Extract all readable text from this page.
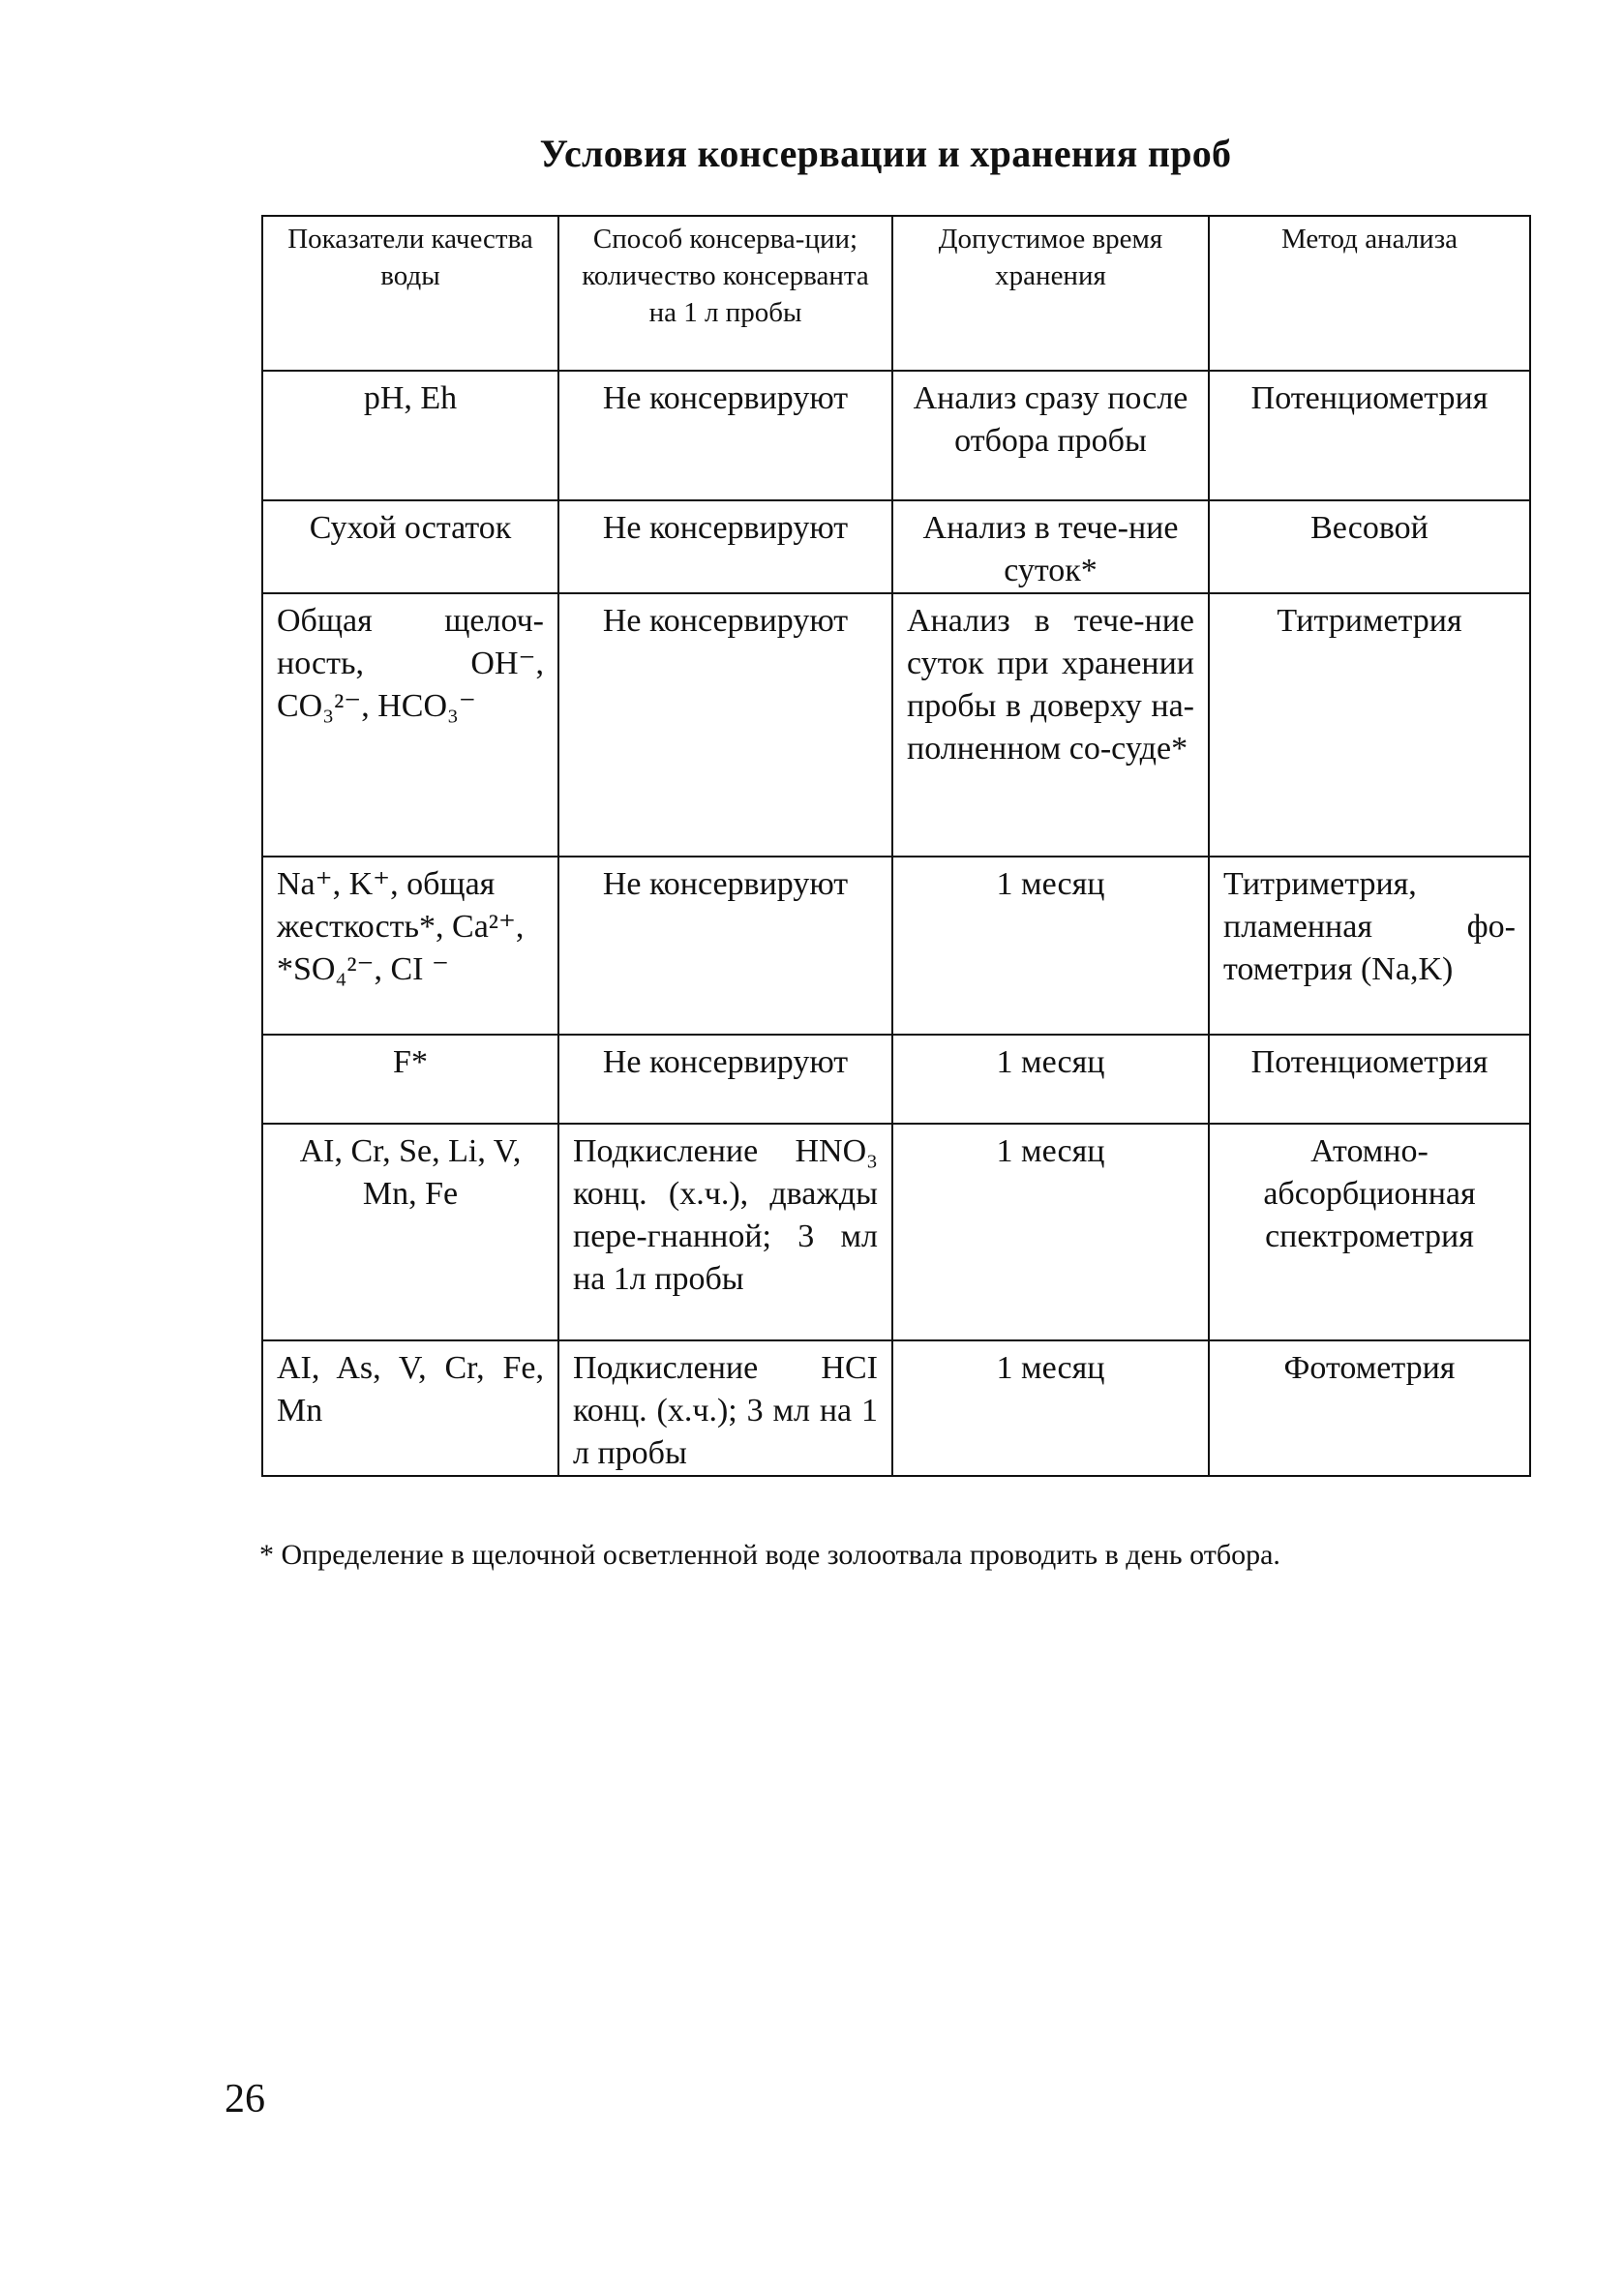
Условия консервации и хранения проб
Показатели качества воды	Способ консерва-ции; количество консерванта на 1 л пробы	Допустимое время хранения	Метод анализа
pH, Eh	Не консервируют	Анализ сразу после отбора пробы	Потенциометрия
Сухой остаток	Не консервируют	Анализ в тече-ние суток*	Весовой
Общая щелоч-ность, ОН⁻, СО₃²⁻, НСО₃⁻	Не консервируют	Анализ в тече-ние суток при хранении пробы в доверху на-полненном со-суде*	Титриметрия
Na⁺, K⁺, общая жесткость*, Ca²⁺, *SO₄²⁻, CI ⁻	Не консервируют	1 месяц	Титриметрия, пламенная фо-тометрия (Na,K)
F*	Не консервируют	1 месяц	Потенциометрия
AI, Cr, Se, Li, V, Mn, Fe	Подкисление HNO₃ конц. (х.ч.), дважды пере-гнанной; 3 мл на 1л пробы	1 месяц	Атомно-абсорбционная спектрометрия
AI, As, V, Cr, Fe, Mn	Подкисление HCI конц. (х.ч.); 3 мл на 1 л пробы	1 месяц	Фотометрия
* Определение в щелочной осветленной воде золоотвала проводить в день отбора.
26
